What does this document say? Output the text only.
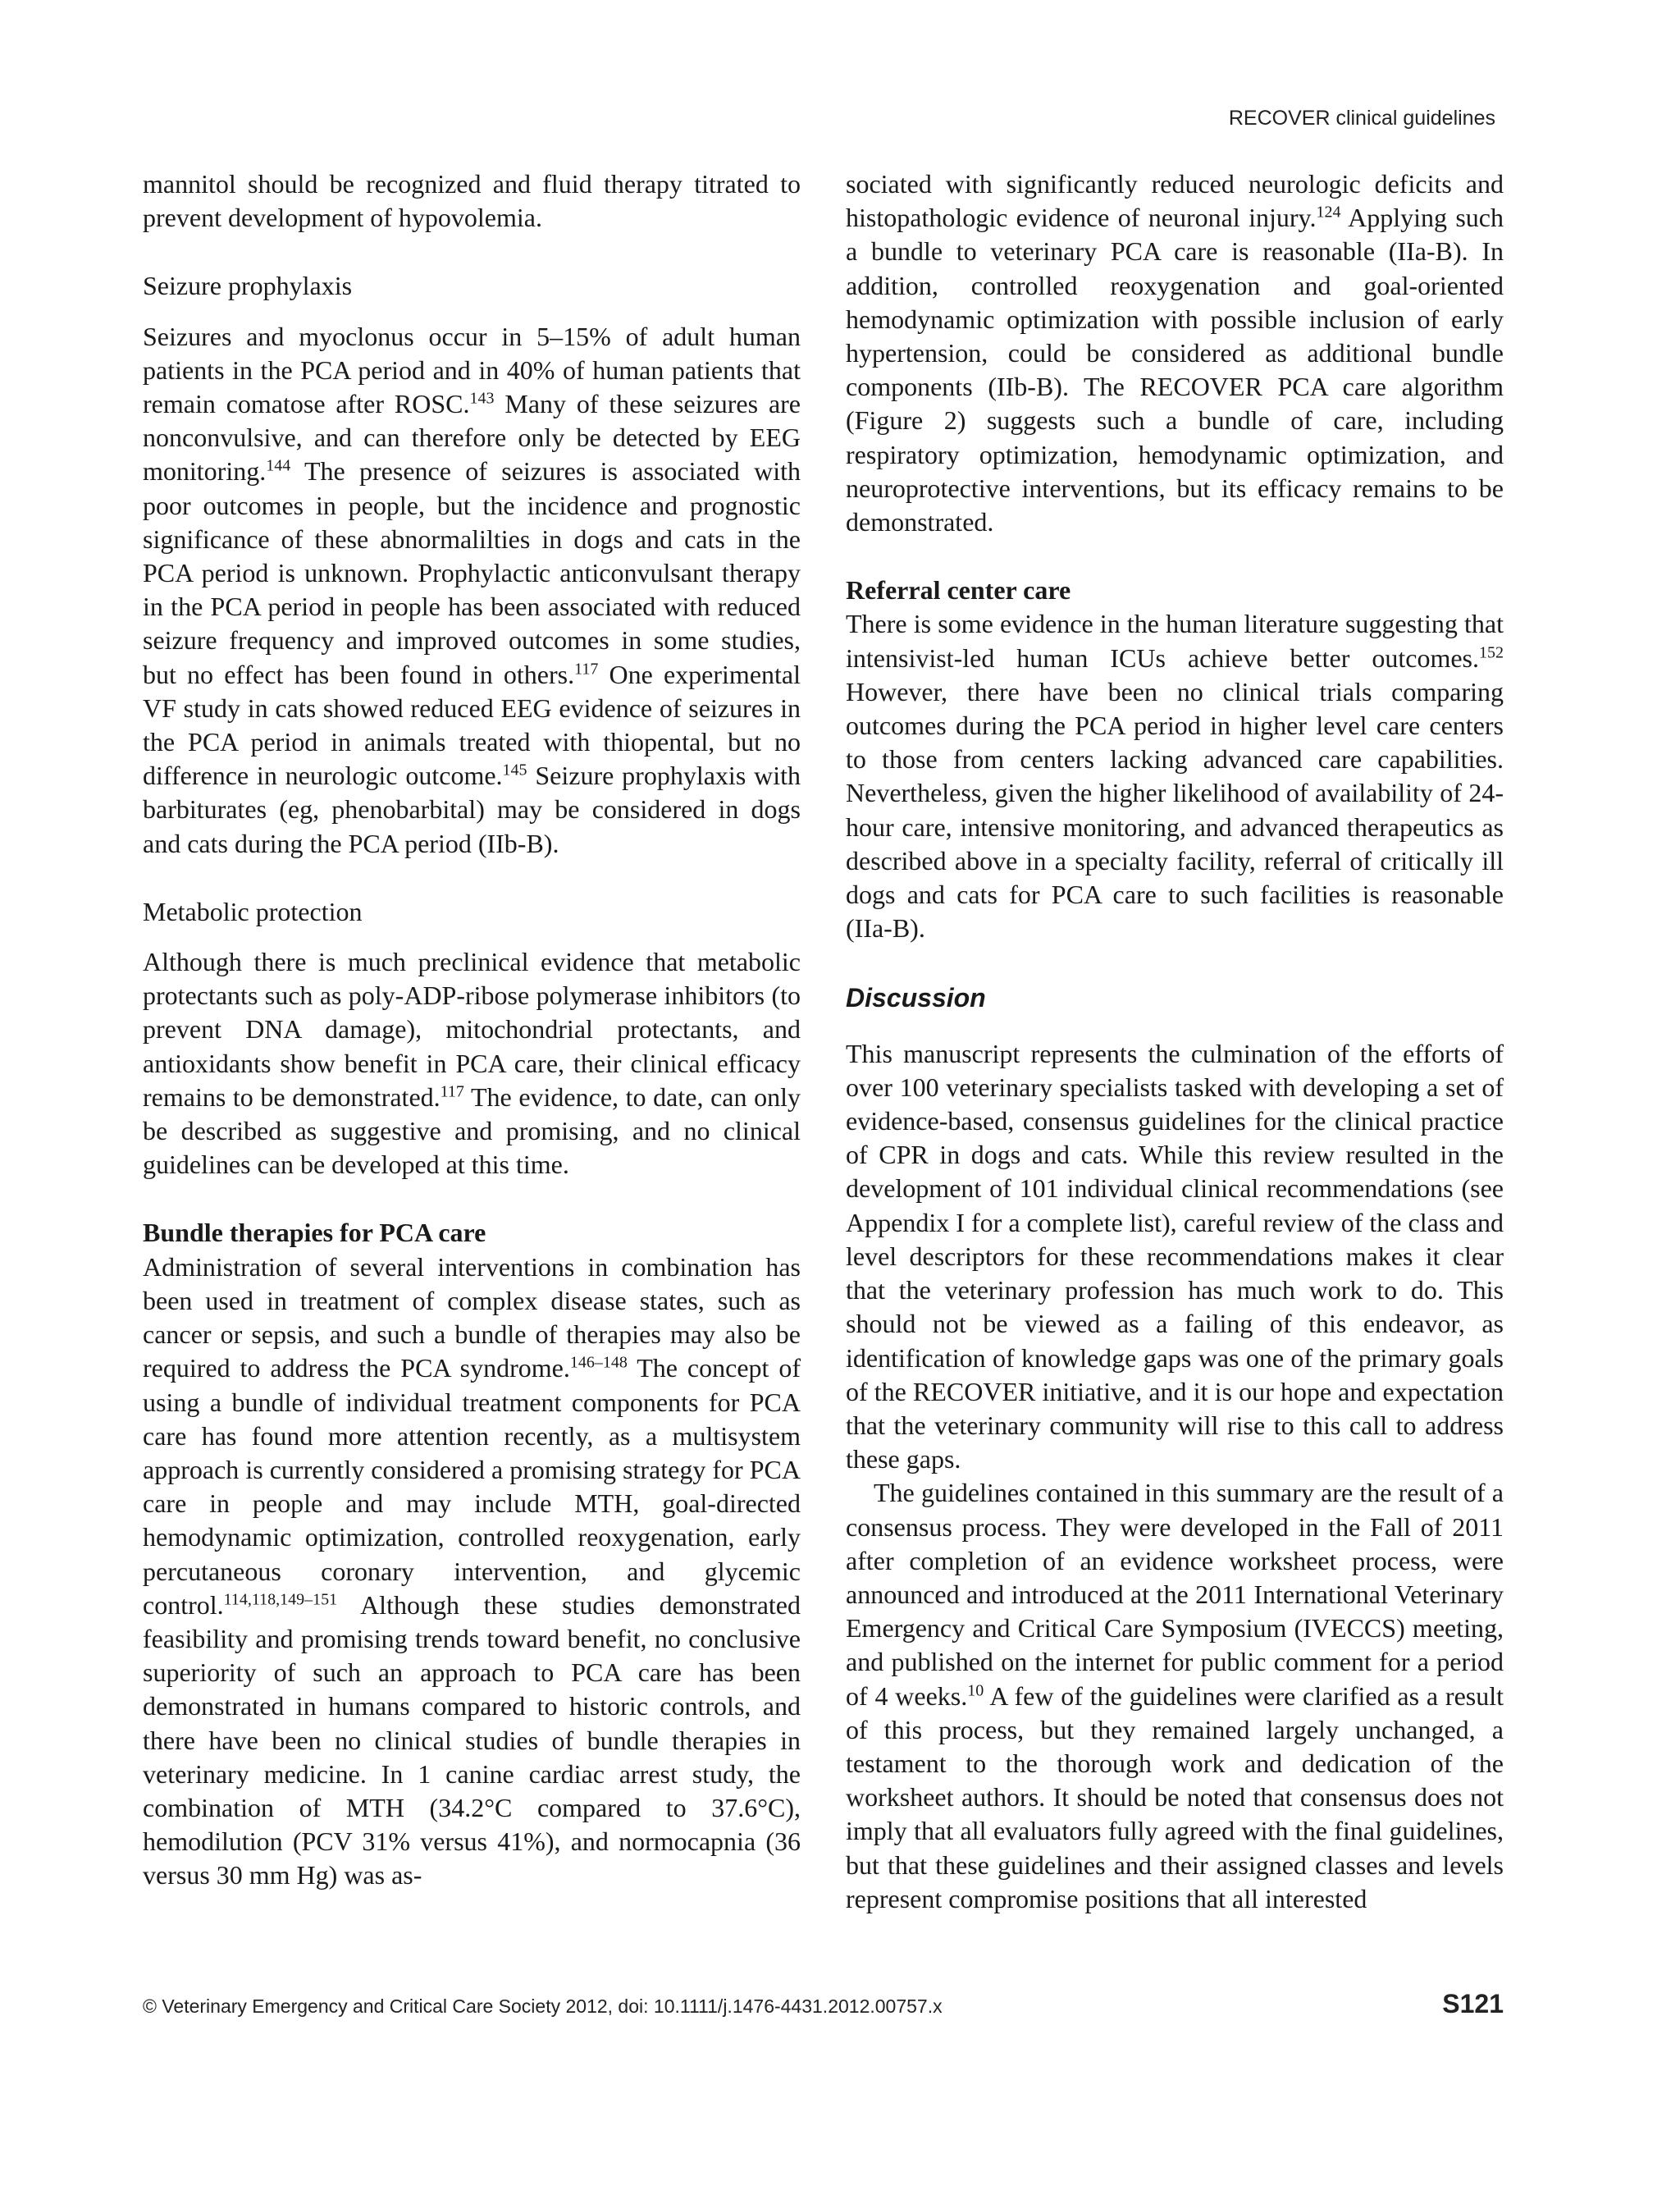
RECOVER clinical guidelines

mannitol should be recognized and fluid therapy titrated to prevent development of hypovolemia.

Seizure prophylaxis

Seizures and myoclonus occur in 5–15% of adult human patients in the PCA period and in 40% of human patients that remain comatose after ROSC.$^{143}$ Many of these seizures are nonconvulsive, and can therefore only be detected by EEG monitoring.$^{144}$ The presence of seizures is associated with poor outcomes in people, but the incidence and prognostic significance of these abnormalilties in dogs and cats in the PCA period is unknown. Prophylactic anticonvulsant therapy in the PCA period in people has been associated with reduced seizure frequency and improved outcomes in some studies, but no effect has been found in others.$^{117}$ One experimental VF study in cats showed reduced EEG evidence of seizures in the PCA period in animals treated with thiopental, but no difference in neurologic outcome.$^{145}$ Seizure prophylaxis with barbiturates (eg, phenobarbital) may be considered in dogs and cats during the PCA period (IIb-B).

Metabolic protection

Although there is much preclinical evidence that metabolic protectants such as poly-ADP-ribose polymerase inhibitors (to prevent DNA damage), mitochondrial protectants, and antioxidants show benefit in PCA care, their clinical efficacy remains to be demonstrated.$^{117}$ The evidence, to date, can only be described as suggestive and promising, and no clinical guidelines can be developed at this time.

Bundle therapies for PCA care

Administration of several interventions in combination has been used in treatment of complex disease states, such as cancer or sepsis, and such a bundle of therapies may also be required to address the PCA syndrome.$^{146-148}$ The concept of using a bundle of individual treatment components for PCA care has found more attention recently, as a multisystem approach is currently considered a promising strategy for PCA care in people and may include MTH, goal-directed hemodynamic optimization, controlled reoxygenation, early percutaneous coronary intervention, and glycemic control.$^{114,118,149-151}$ Although these studies demonstrated feasibility and promising trends toward benefit, no conclusive superiority of such an approach to PCA care has been demonstrated in humans compared to historic controls, and there have been no clinical studies of bundle therapies in veterinary medicine. In 1 canine cardiac arrest study, the combination of MTH (34.2°C compared to 37.6°C), hemodilution (PCV 31% versus 41%), and normocapnia (36 versus 30 mm Hg) was as-

sociated with significantly reduced neurologic deficits and histopathologic evidence of neuronal injury.$^{124}$ Applying such a bundle to veterinary PCA care is reasonable (IIa-B). In addition, controlled reoxygenation and goal-oriented hemodynamic optimization with possible inclusion of early hypertension, could be considered as additional bundle components (IIb-B). The RECOVER PCA care algorithm (Figure 2) suggests such a bundle of care, including respiratory optimization, hemodynamic optimization, and neuroprotective interventions, but its efficacy remains to be demonstrated.

Referral center care

There is some evidence in the human literature suggesting that intensivist-led human ICUs achieve better outcomes.$^{152}$ However, there have been no clinical trials comparing outcomes during the PCA period in higher level care centers to those from centers lacking advanced care capabilities. Nevertheless, given the higher likelihood of availability of 24-hour care, intensive monitoring, and advanced therapeutics as described above in a specialty facility, referral of critically ill dogs and cats for PCA care to such facilities is reasonable (IIa-B).

Discussion

This manuscript represents the culmination of the efforts of over 100 veterinary specialists tasked with developing a set of evidence-based, consensus guidelines for the clinical practice of CPR in dogs and cats. While this review resulted in the development of 101 individual clinical recommendations (see Appendix I for a complete list), careful review of the class and level descriptors for these recommendations makes it clear that the veterinary profession has much work to do. This should not be viewed as a failing of this endeavor, as identification of knowledge gaps was one of the primary goals of the RECOVER initiative, and it is our hope and expectation that the veterinary community will rise to this call to address these gaps.

The guidelines contained in this summary are the result of a consensus process. They were developed in the Fall of 2011 after completion of an evidence worksheet process, were announced and introduced at the 2011 International Veterinary Emergency and Critical Care Symposium (IVECCS) meeting, and published on the internet for public comment for a period of 4 weeks.$^{10}$ A few of the guidelines were clarified as a result of this process, but they remained largely unchanged, a testament to the thorough work and dedication of the worksheet authors. It should be noted that consensus does not imply that all evaluators fully agreed with the final guidelines, but that these guidelines and their assigned classes and levels represent compromise positions that all interested

© Veterinary Emergency and Critical Care Society 2012, doi: 10.1111/j.1476-4431.2012.00757.x	S121
